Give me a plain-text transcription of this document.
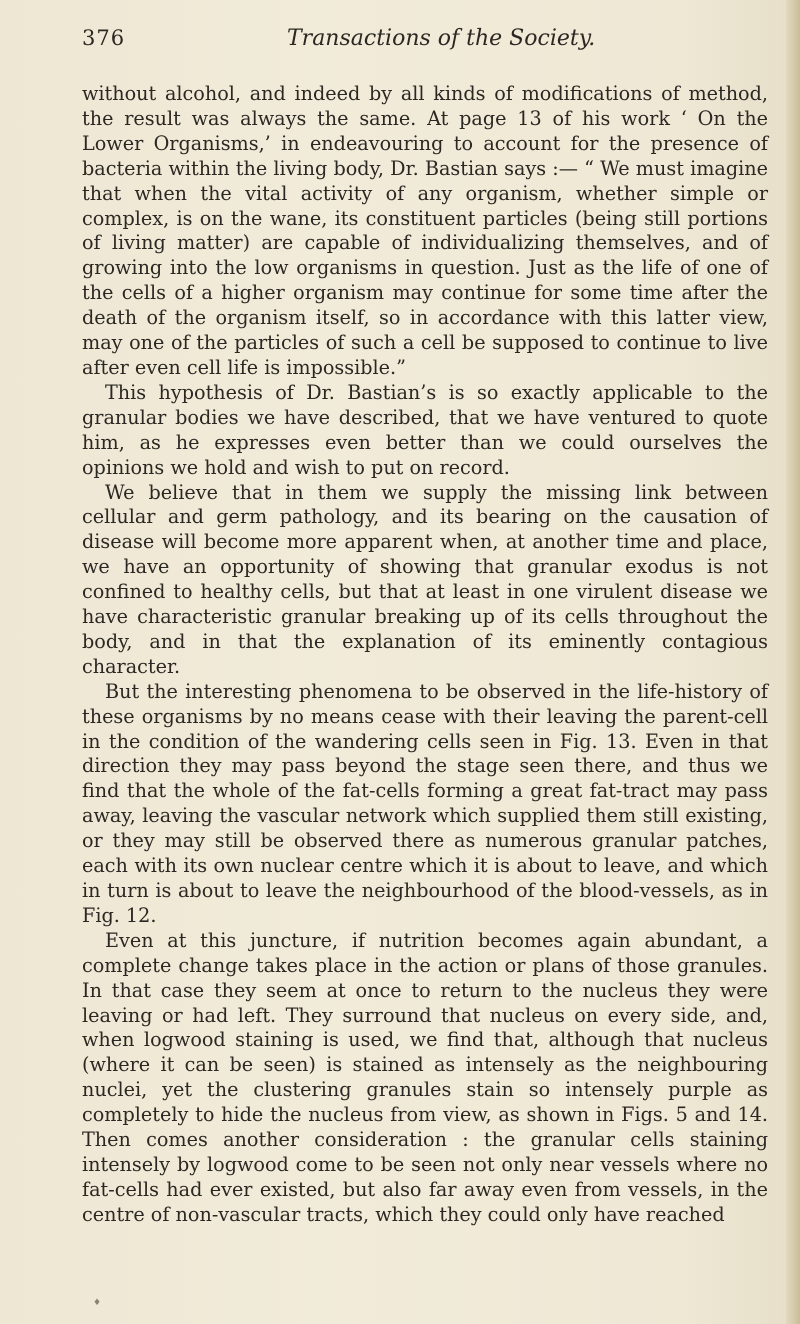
376	Transactions of the Society.

without alcohol, and indeed by all kinds of modifications of method, the result was always the same. At page 13 of his work ‘ On the Lower Organisms,’ in endeavouring to account for the presence of bacteria within the living body, Dr. Bastian says :— “ We must imagine that when the vital activity of any organism, whether simple or complex, is on the wane, its constituent particles (being still portions of living matter) are capable of individualizing themselves, and of growing into the low organisms in question. Just as the life of one of the cells of a higher organism may continue for some time after the death of the organism itself, so in accordance with this latter view, may one of the particles of such a cell be supposed to continue to live after even cell life is impossible.”

This hypothesis of Dr. Bastian’s is so exactly applicable to the granular bodies we have described, that we have ventured to quote him, as he expresses even better than we could ourselves the opinions we hold and wish to put on record.

We believe that in them we supply the missing link between cellular and germ pathology, and its bearing on the causation of disease will become more apparent when, at another time and place, we have an opportunity of showing that granular exodus is not confined to healthy cells, but that at least in one virulent disease we have characteristic granular breaking up of its cells throughout the body, and in that the explanation of its eminently contagious character.

But the interesting phenomena to be observed in the life-history of these organisms by no means cease with their leaving the parent-cell in the condition of the wandering cells seen in Fig. 13. Even in that direction they may pass beyond the stage seen there, and thus we find that the whole of the fat-cells forming a great fat-tract may pass away, leaving the vascular network which supplied them still existing, or they may still be observed there as numerous granular patches, each with its own nuclear centre which it is about to leave, and which in turn is about to leave the neighbourhood of the blood-vessels, as in Fig. 12.

Even at this juncture, if nutrition becomes again abundant, a complete change takes place in the action or plans of those granules. In that case they seem at once to return to the nucleus they were leaving or had left. They surround that nucleus on every side, and, when logwood staining is used, we find that, although that nucleus (where it can be seen) is stained as intensely as the neighbouring nuclei, yet the clustering granules stain so intensely purple as completely to hide the nucleus from view, as shown in Figs. 5 and 14. Then comes another consideration : the granular cells staining intensely by logwood come to be seen not only near vessels where no fat-cells had ever existed, but also far away even from vessels, in the centre of non-vascular tracts, which they could only have reached

♦
